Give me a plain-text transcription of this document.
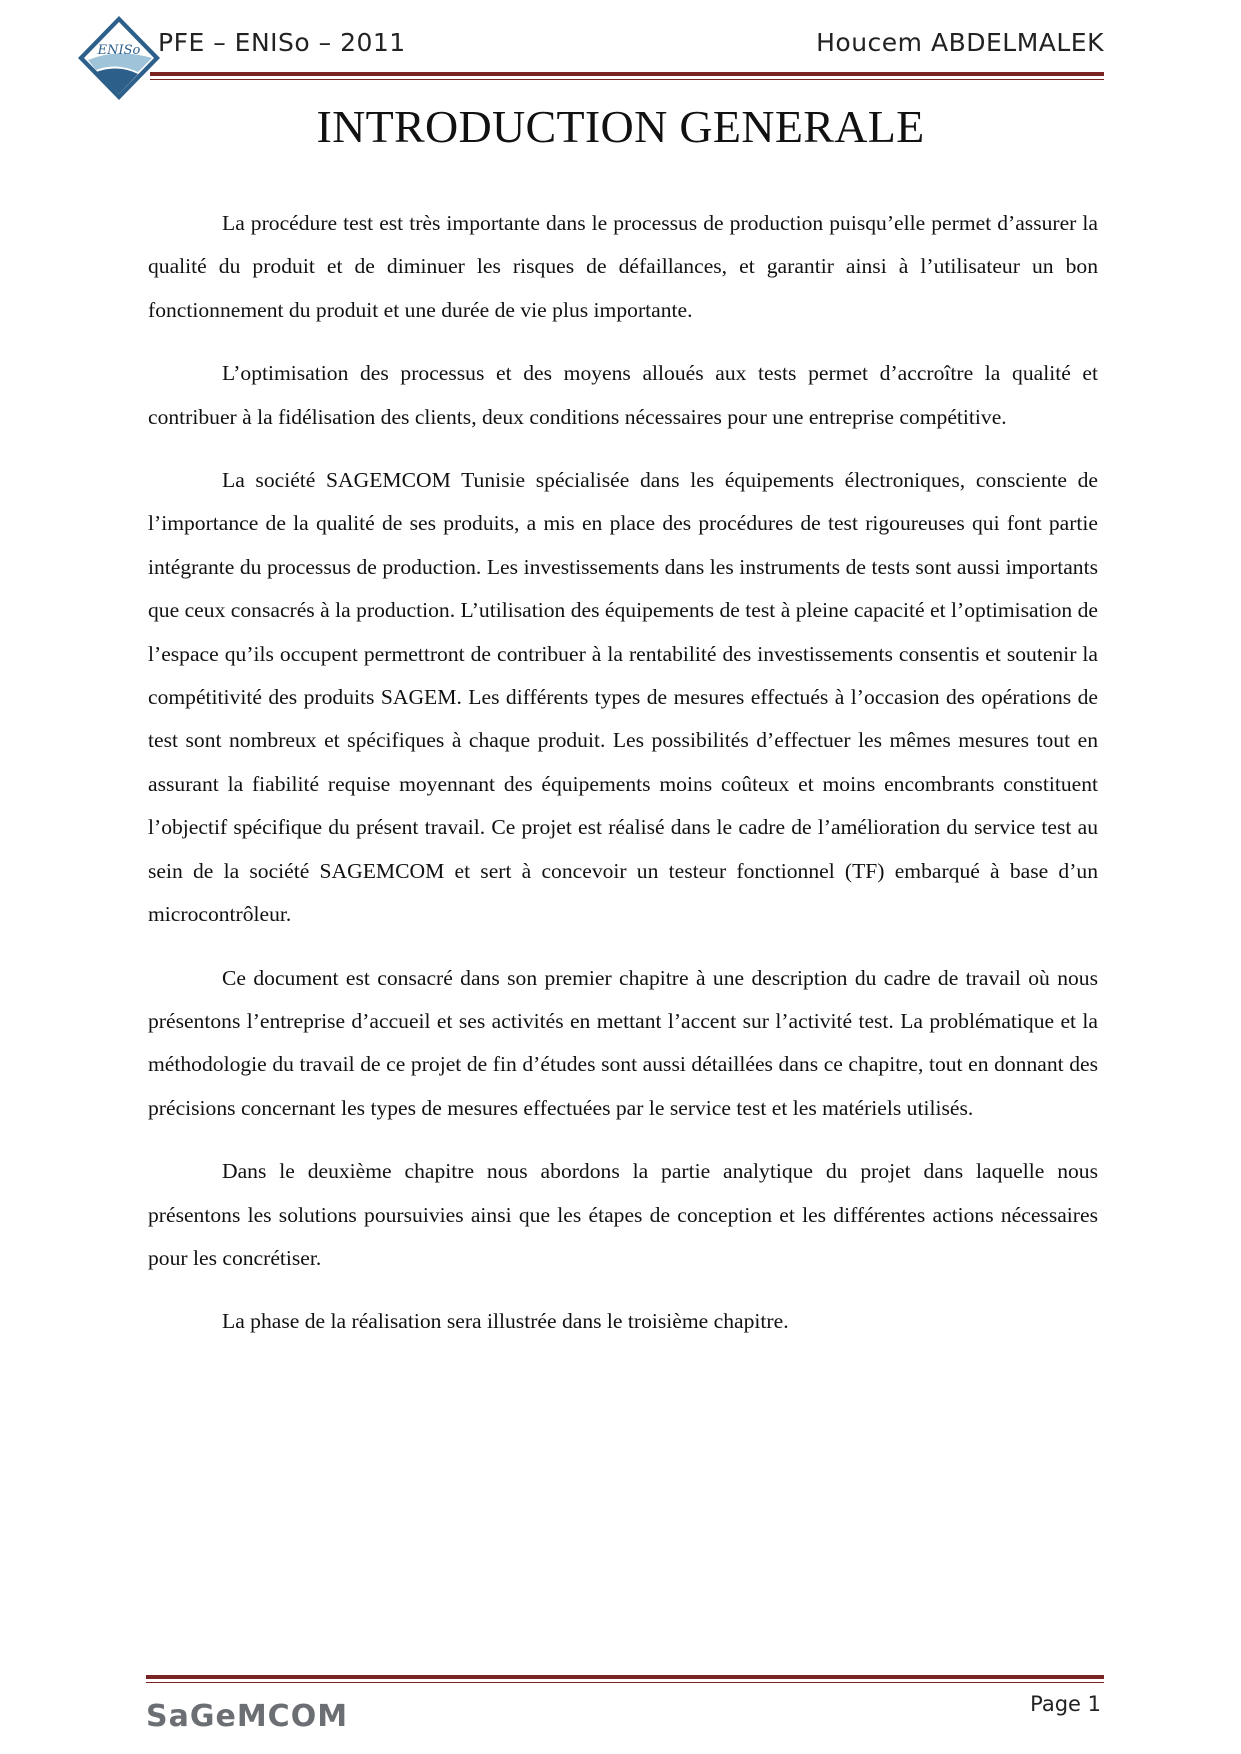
ENISo PFE – ENISo – 2011	Houcem ABDELMALEK
INTRODUCTION GENERALE

La procédure test est très importante dans le processus de production puisqu’elle permet d’assurer la qualité du produit et de diminuer les risques de défaillances, et garantir ainsi à l’utilisateur un bon fonctionnement du produit et une durée de vie plus importante.

L’optimisation des processus et des moyens alloués aux tests permet d’accroître la qualité et contribuer à la fidélisation des clients, deux conditions nécessaires pour une entreprise compétitive.

La société SAGEMCOM Tunisie spécialisée dans les équipements électroniques, consciente de l’importance de la qualité de ses produits, a mis en place des procédures de test rigoureuses qui font partie intégrante du processus de production. Les investissements dans les instruments de tests sont aussi importants que ceux consacrés à la production. L’utilisation des équipements de test à pleine capacité et l’optimisation de l’espace qu’ils occupent permettront de contribuer à la rentabilité des investissements consentis et soutenir la compétitivité des produits SAGEM. Les différents types de mesures effectués à l’occasion des opérations de test sont nombreux et spécifiques à chaque produit. Les possibilités d’effectuer les mêmes mesures tout en assurant la fiabilité requise moyennant des équipements moins coûteux et moins encombrants constituent l’objectif spécifique du présent travail. Ce projet est réalisé dans le cadre de l’amélioration du service test au sein de la société SAGEMCOM et sert à concevoir un testeur fonctionnel (TF) embarqué à base d’un microcontrôleur.

Ce document est consacré dans son premier chapitre à une description du cadre de travail où nous présentons l’entreprise d’accueil et ses activités en mettant l’accent sur l’activité test. La problématique et la méthodologie du travail de ce projet de fin d’études sont aussi détaillées dans ce chapitre, tout en donnant des précisions concernant les types de mesures effectuées par le service test et les matériels utilisés.

Dans le deuxième chapitre nous abordons la partie analytique du projet dans laquelle nous présentons les solutions poursuivies ainsi que les étapes de conception et les différentes actions nécessaires pour les concrétiser.

La phase de la réalisation sera illustrée dans le troisième chapitre.

SaGeMCOM	Page 1
